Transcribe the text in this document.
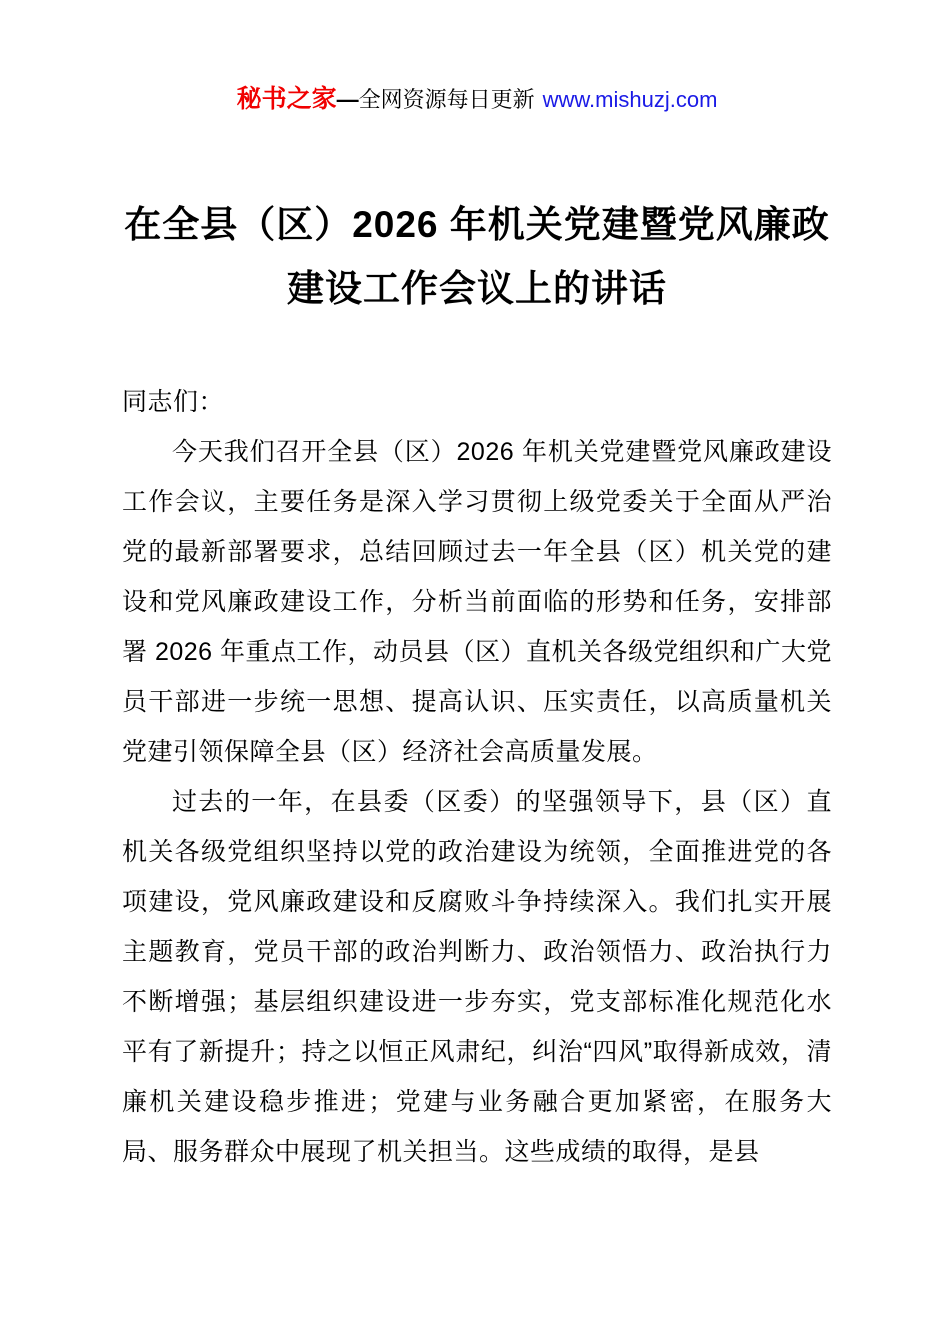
秘书之家—全网资源每日更新 www.mishuzj.com
在全县（区）2026 年机关党建暨党风廉政建设工作会议上的讲话

同志们：

今天我们召开全县（区）2026 年机关党建暨党风廉政建设工作会议，主要任务是深入学习贯彻上级党委关于全面从严治党的最新部署要求，总结回顾过去一年全县（区）机关党的建设和党风廉政建设工作，分析当前面临的形势和任务，安排部署 2026 年重点工作，动员县（区）直机关各级党组织和广大党员干部进一步统一思想、提高认识、压实责任，以高质量机关党建引领保障全县（区）经济社会高质量发展。

过去的一年，在县委（区委）的坚强领导下，县（区）直机关各级党组织坚持以党的政治建设为统领，全面推进党的各项建设，党风廉政建设和反腐败斗争持续深入。我们扎实开展主题教育，党员干部的政治判断力、政治领悟力、政治执行力不断增强；基层组织建设进一步夯实，党支部标准化规范化水平有了新提升；持之以恒正风肃纪，纠治“四风”取得新成效，清廉机关建设稳步推进；党建与业务融合更加紧密，在服务大局、服务群众中展现了机关担当。这些成绩的取得，是县
